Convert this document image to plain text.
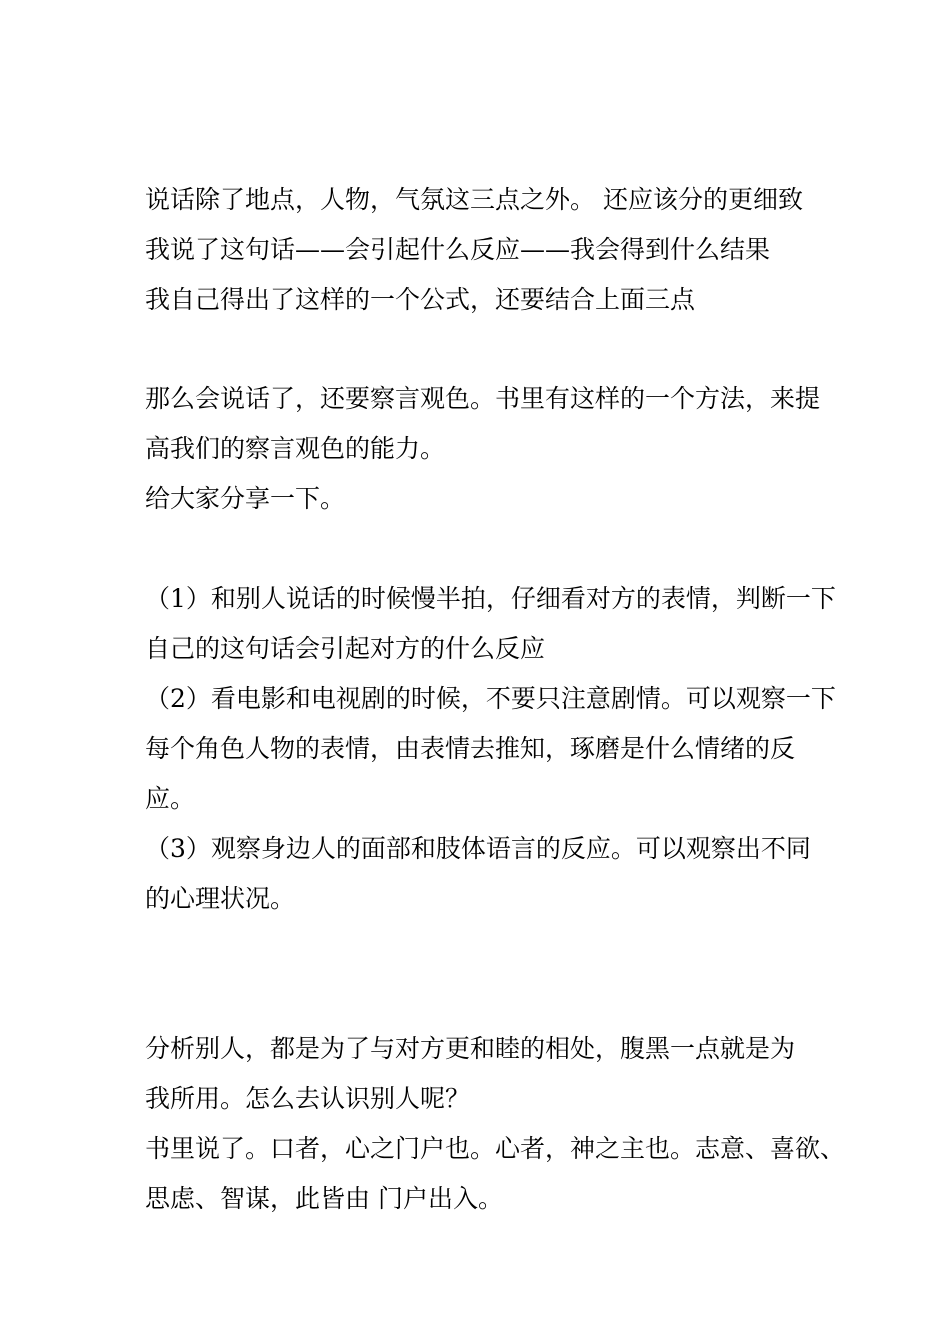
说话除了地点，人物，气氛这三点之外。 还应该分的更细致
我说了这句话——会引起什么反应——我会得到什么结果
我自己得出了这样的一个公式，还要结合上面三点
那么会说话了，还要察言观色。书里有这样的一个方法，来提
高我们的察言观色的能力。
给大家分享一下。
（1）和别人说话的时候慢半拍，仔细看对方的表情，判断一下
自己的这句话会引起对方的什么反应
（2）看电影和电视剧的时候，不要只注意剧情。可以观察一下
每个角色人物的表情，由表情去推知，琢磨是什么情绪的反
应。
（3）观察身边人的面部和肢体语言的反应。可以观察出不同
的心理状况。
分析别人，都是为了与对方更和睦的相处，腹黑一点就是为
我所用。怎么去认识别人呢？
书里说了。口者，心之门户也。心者，神之主也。志意、喜欲、
思虑、智谋，此皆由 门户出入。
